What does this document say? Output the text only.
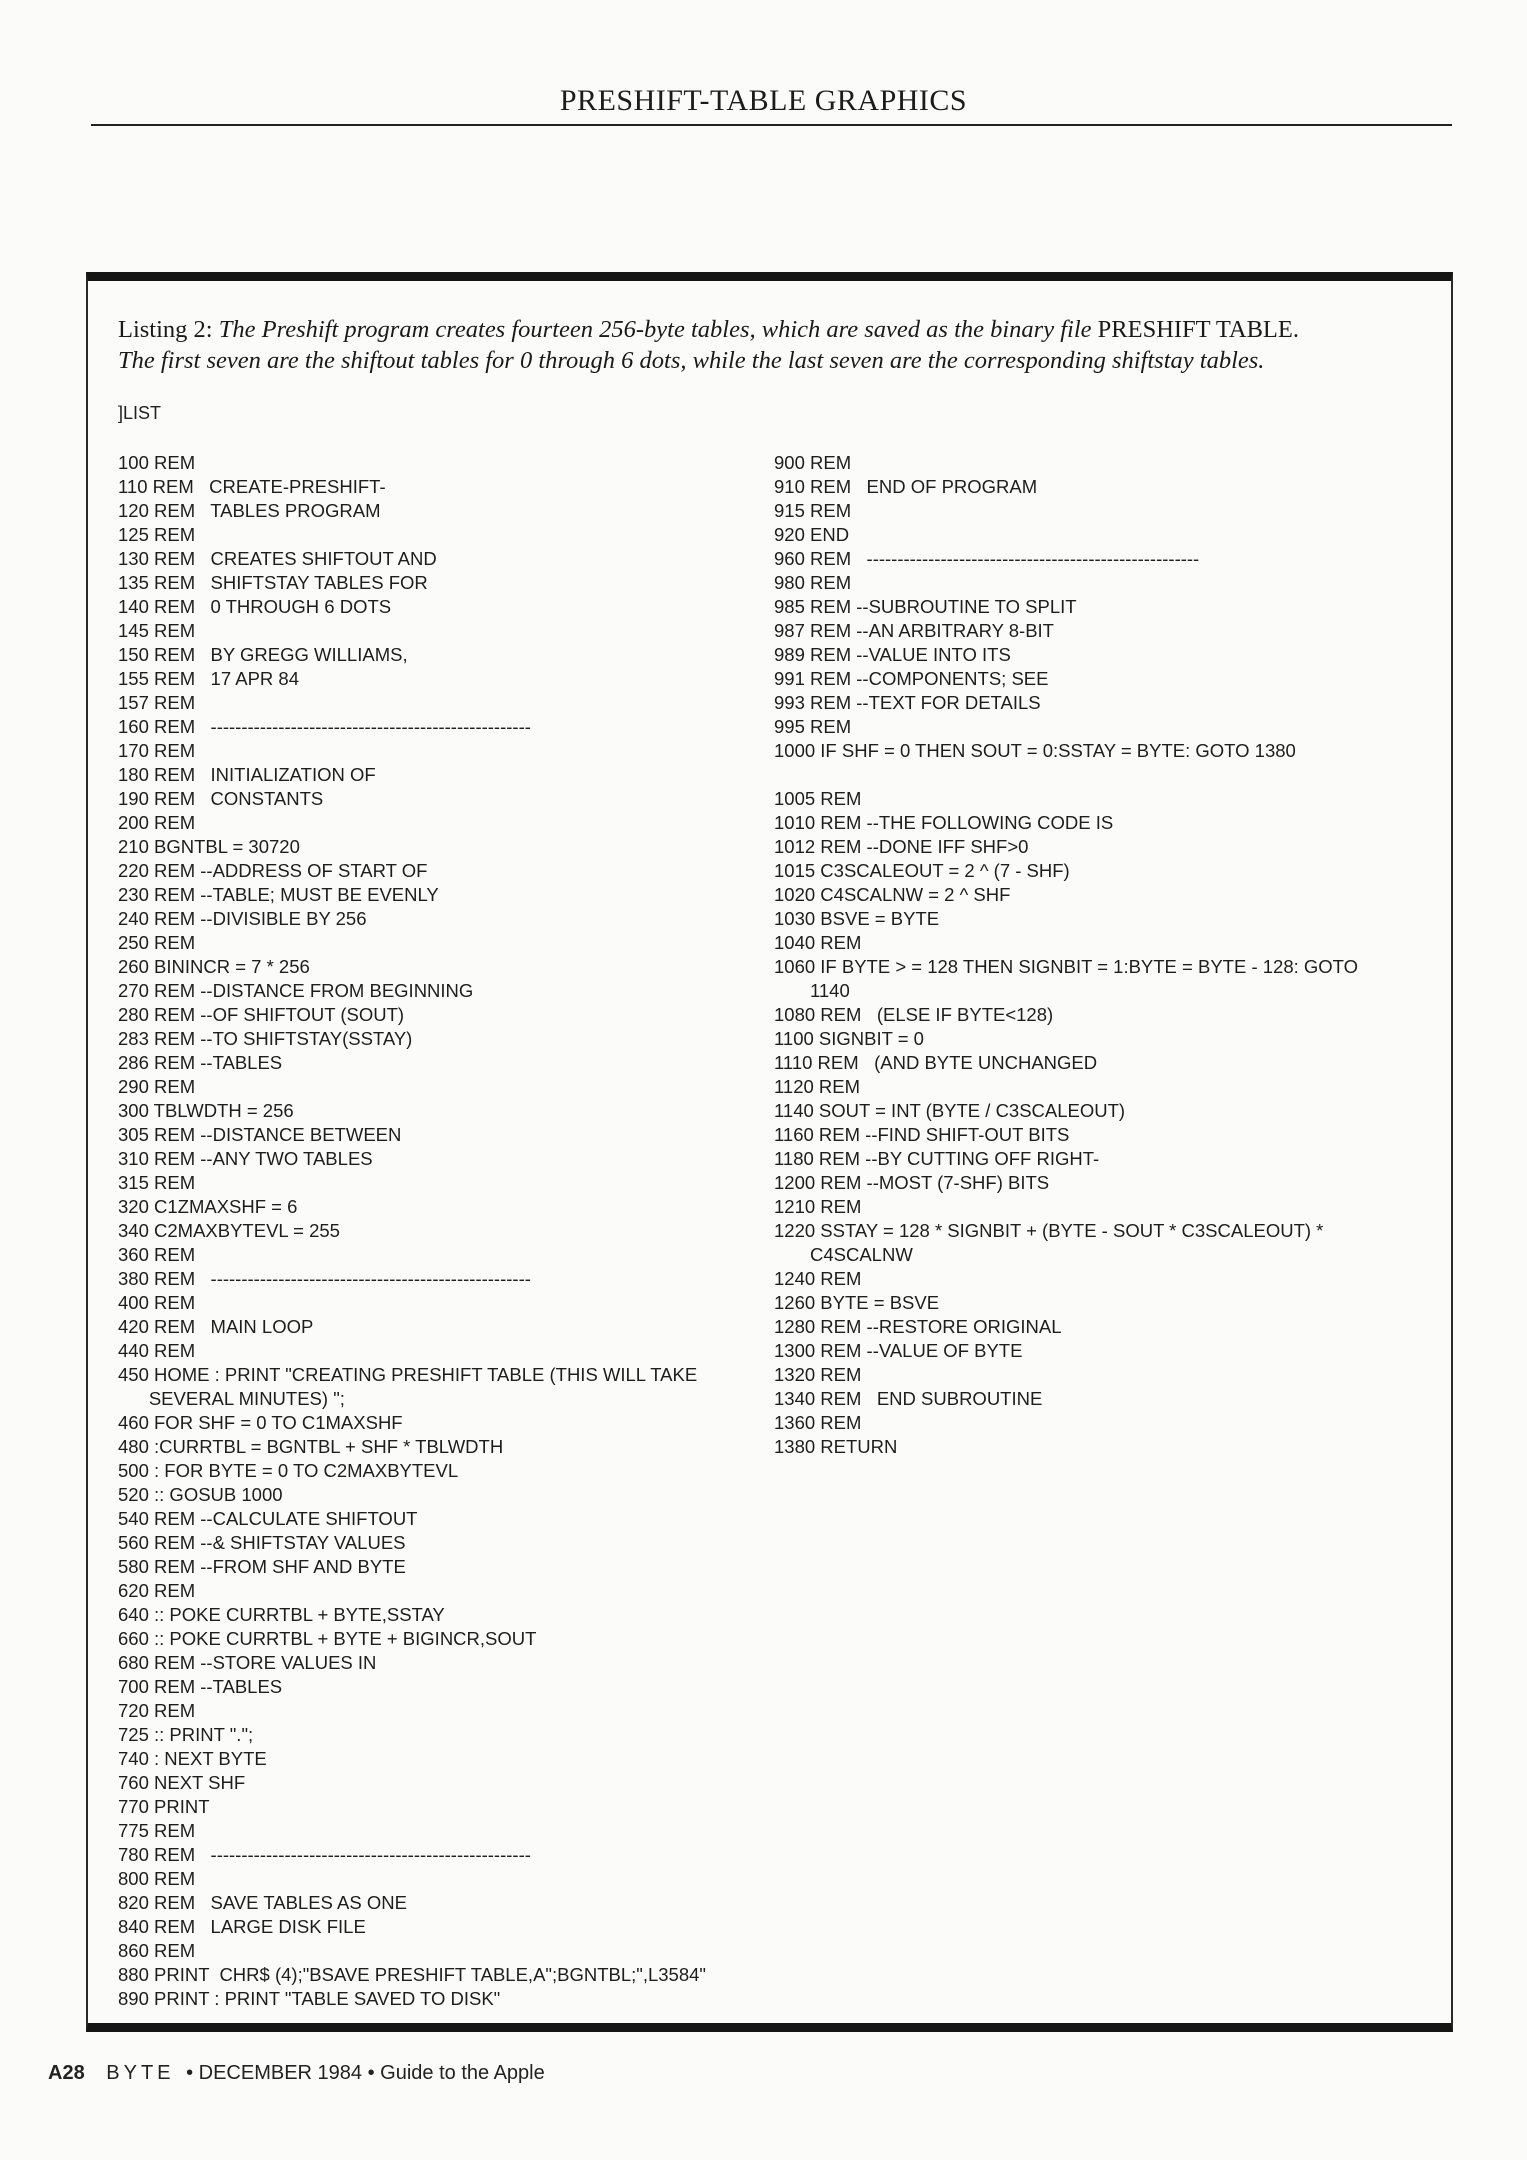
PRESHIFT-TABLE GRAPHICS
Listing 2: The Preshift program creates fourteen 256-byte tables, which are saved as the binary file PRESHIFT TABLE.
The first seven are the shiftout tables for 0 through 6 dots, while the last seven are the corresponding shiftstay tables.
]LIST
100 REM
110 REM   CREATE-PRESHIFT-
120 REM   TABLES PROGRAM
125 REM
130 REM   CREATES SHIFTOUT AND
135 REM   SHIFTSTAY TABLES FOR
140 REM   0 THROUGH 6 DOTS
145 REM
150 REM   BY GREGG WILLIAMS,
155 REM   17 APR 84
157 REM
160 REM   ----------------------------------------------------
170 REM
180 REM   INITIALIZATION OF
190 REM   CONSTANTS
200 REM
210 BGNTBL = 30720
220 REM --ADDRESS OF START OF
230 REM --TABLE; MUST BE EVENLY
240 REM --DIVISIBLE BY 256
250 REM
260 BININCR = 7 * 256
270 REM --DISTANCE FROM BEGINNING
280 REM --OF SHIFTOUT (SOUT)
283 REM --TO SHIFTSTAY(SSTAY)
286 REM --TABLES
290 REM
300 TBLWDTH = 256
305 REM --DISTANCE BETWEEN
310 REM --ANY TWO TABLES
315 REM
320 C1ZMAXSHF = 6
340 C2MAXBYTEVL = 255
360 REM
380 REM   ----------------------------------------------------
400 REM
420 REM   MAIN LOOP
440 REM
450 HOME : PRINT "CREATING PRESHIFT TABLE (THIS WILL TAKE
SEVERAL MINUTES) ";
460 FOR SHF = 0 TO C1MAXSHF
480 :CURRTBL = BGNTBL + SHF * TBLWDTH
500 : FOR BYTE = 0 TO C2MAXBYTEVL
520 :: GOSUB 1000
540 REM --CALCULATE SHIFTOUT
560 REM --& SHIFTSTAY VALUES
580 REM --FROM SHF AND BYTE
620 REM
640 :: POKE CURRTBL + BYTE,SSTAY
660 :: POKE CURRTBL + BYTE + BIGINCR,SOUT
680 REM --STORE VALUES IN
700 REM --TABLES
720 REM
725 :: PRINT ".";
740 : NEXT BYTE
760 NEXT SHF
770 PRINT
775 REM
780 REM   ----------------------------------------------------
800 REM
820 REM   SAVE TABLES AS ONE
840 REM   LARGE DISK FILE
860 REM
880 PRINT  CHR$ (4);"BSAVE PRESHIFT TABLE,A";BGNTBL;",L3584"
890 PRINT : PRINT "TABLE SAVED TO DISK"
900 REM
910 REM   END OF PROGRAM
915 REM
920 END
960 REM   ------------------------------------------------------
980 REM
985 REM --SUBROUTINE TO SPLIT
987 REM --AN ARBITRARY 8-BIT
989 REM --VALUE INTO ITS
991 REM --COMPONENTS; SEE
993 REM --TEXT FOR DETAILS
995 REM
1000 IF SHF = 0 THEN SOUT = 0:SSTAY = BYTE: GOTO 1380
1005 REM
1010 REM --THE FOLLOWING CODE IS
1012 REM --DONE IFF SHF>0
1015 C3SCALEOUT = 2 ^ (7 - SHF)
1020 C4SCALNW = 2 ^ SHF
1030 BSVE = BYTE
1040 REM
1060 IF BYTE > = 128 THEN SIGNBIT = 1:BYTE = BYTE - 128: GOTO
1140
1080 REM   (ELSE IF BYTE<128)
1100 SIGNBIT = 0
1110 REM   (AND BYTE UNCHANGED
1120 REM
1140 SOUT = INT (BYTE / C3SCALEOUT)
1160 REM --FIND SHIFT-OUT BITS
1180 REM --BY CUTTING OFF RIGHT-
1200 REM --MOST (7-SHF) BITS
1210 REM
1220 SSTAY = 128 * SIGNBIT + (BYTE - SOUT * C3SCALEOUT) *
C4SCALNW
1240 REM
1260 BYTE = BSVE
1280 REM --RESTORE ORIGINAL
1300 REM --VALUE OF BYTE
1320 REM
1340 REM   END SUBROUTINE
1360 REM
1380 RETURN
A28 BYTE • DECEMBER 1984 • Guide to the Apple
